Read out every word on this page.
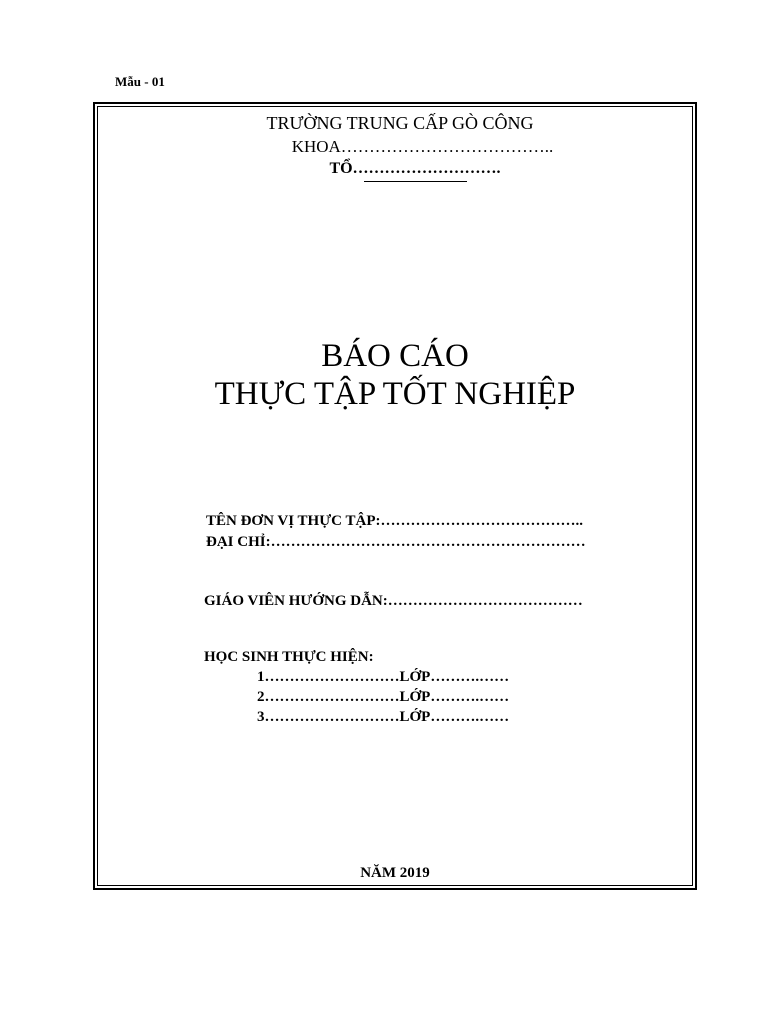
Mẫu - 01
TRƯỜNG TRUNG CẤP GÒ CÔNG
KHOA………………………………..
TỔ……………………….
BÁO CÁO
THỰC TẬP TỐT NGHIỆP
TÊN ĐƠN VỊ THỰC TẬP:…………………………………..
ĐẠI CHỈ:………………………………………………………
GIÁO VIÊN HƯỚNG DẪN:…………………………………
HỌC SINH THỰC HIỆN:
1………………………LỚP……….……
2………………………LỚP……….……
3………………………LỚP……….……
NĂM 2019
